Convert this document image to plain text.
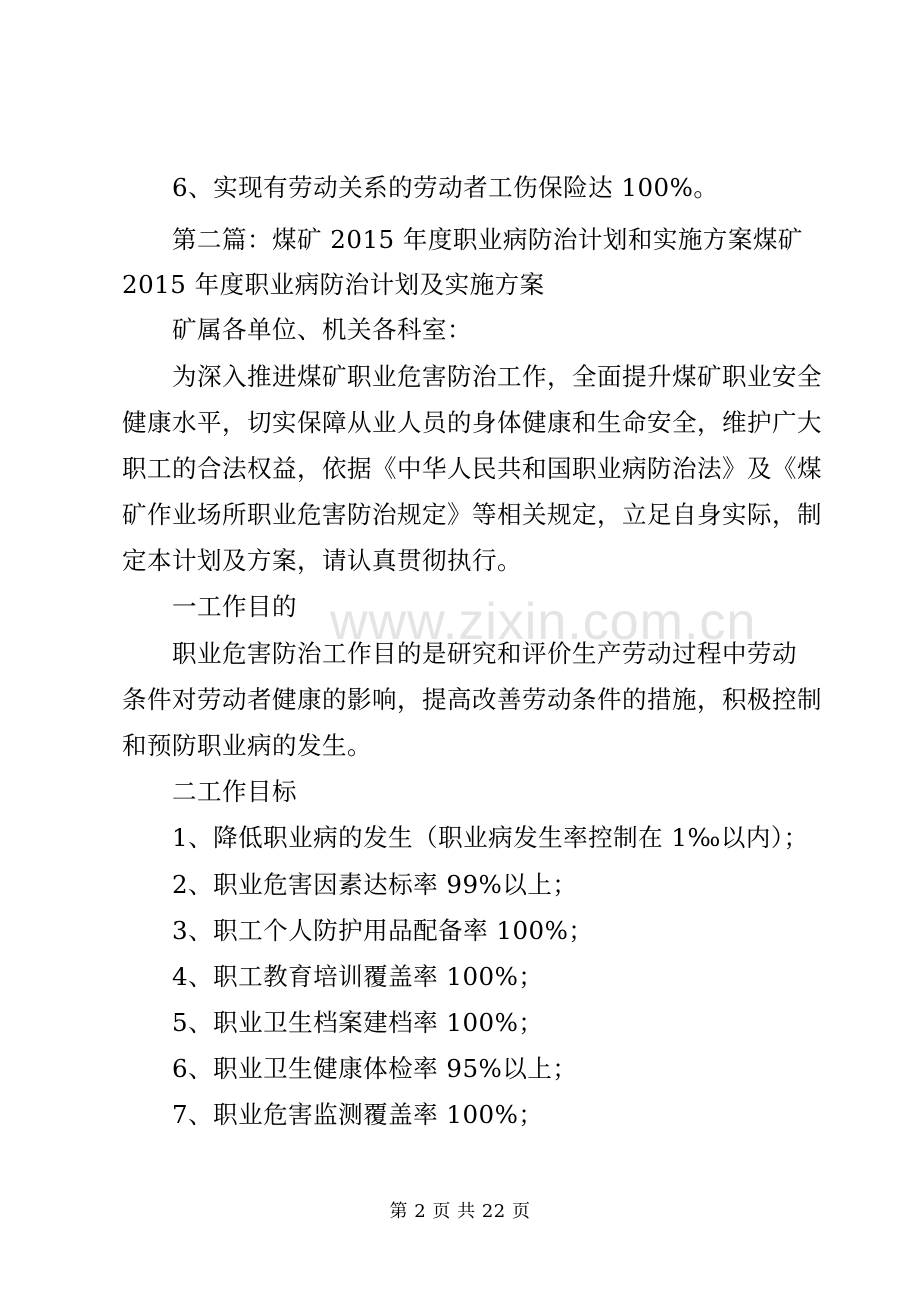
www.zixin.com.cn
6、实现有劳动关系的劳动者工伤保险达 100%。
第二篇：煤矿 2015 年度职业病防治计划和实施方案煤矿
2015 年度职业病防治计划及实施方案
矿属各单位、机关各科室：
为深入推进煤矿职业危害防治工作，全面提升煤矿职业安全
健康水平，切实保障从业人员的身体健康和生命安全，维护广大
职工的合法权益，依据《中华人民共和国职业病防治法》及《煤
矿作业场所职业危害防治规定》等相关规定，立足自身实际，制
定本计划及方案，请认真贯彻执行。
一工作目的
职业危害防治工作目的是研究和评价生产劳动过程中劳动
条件对劳动者健康的影响，提高改善劳动条件的措施，积极控制
和预防职业病的发生。
二工作目标
1、降低职业病的发生（职业病发生率控制在 1‰以内）；
2、职业危害因素达标率 99%以上；
3、职工个人防护用品配备率 100%；
4、职工教育培训覆盖率 100%；
5、职业卫生档案建档率 100%；
6、职业卫生健康体检率 95%以上；
7、职业危害监测覆盖率 100%；
第 2 页 共 22 页
